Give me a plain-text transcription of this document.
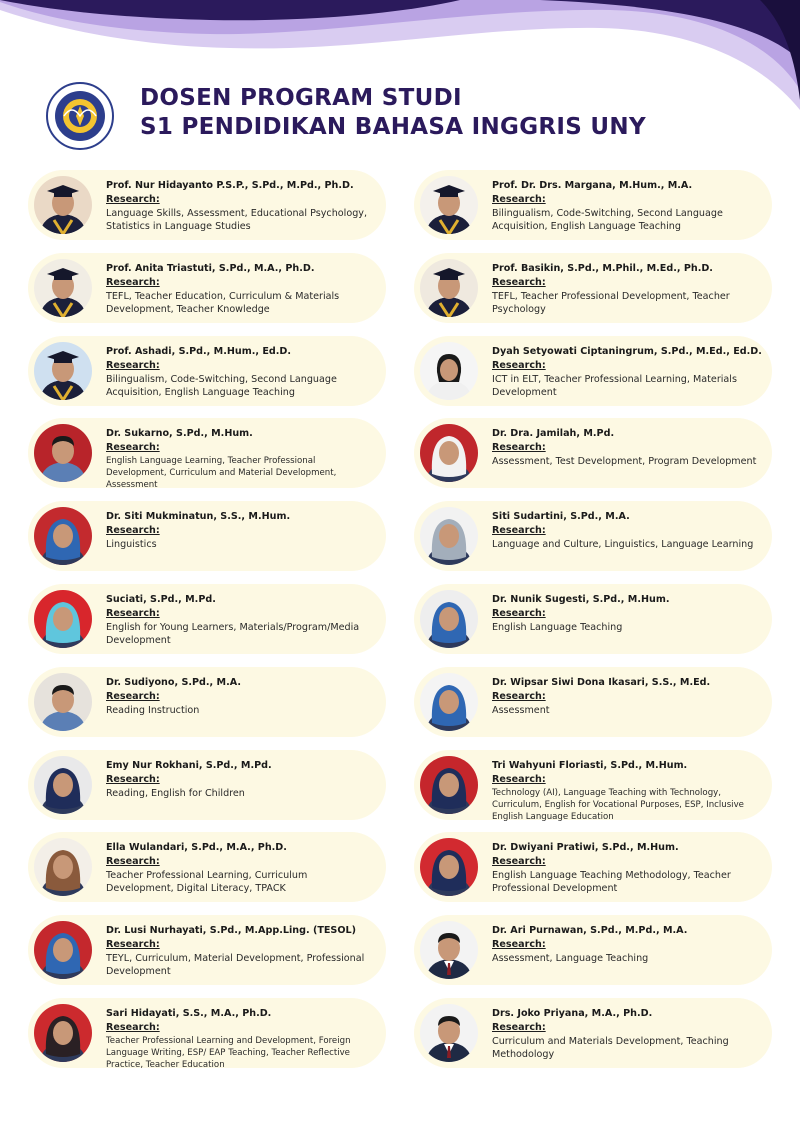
DOSEN PROGRAM STUDI
S1 PENDIDIKAN BAHASA INGGRIS UNY
Prof. Nur Hidayanto P.S.P., S.Pd., M.Pd., Ph.D.
Research:
Language Skills, Assessment, Educational Psychology, Statistics in Language Studies
Prof. Anita Triastuti, S.Pd., M.A., Ph.D.
Research:
TEFL, Teacher Education, Curriculum & Materials Development, Teacher Knowledge
Prof. Ashadi, S.Pd., M.Hum., Ed.D.
Research:
Bilingualism, Code-Switching, Second Language Acquisition, English Language Teaching
Dr. Sukarno, S.Pd., M.Hum.
Research:
English Language Learning, Teacher Professional Development, Curriculum and Material Development, Assessment
Dr. Siti Mukminatun, S.S., M.Hum.
Research:
Linguistics
Suciati, S.Pd., M.Pd.
Research:
English for Young Learners, Materials/Program/Media Development
Dr. Sudiyono, S.Pd., M.A.
Research:
Reading Instruction
Emy Nur Rokhani, S.Pd., M.Pd.
Research:
Reading, English for Children
Ella Wulandari, S.Pd., M.A., Ph.D.
Research:
Teacher Professional Learning, Curriculum Development, Digital Literacy, TPACK
Dr. Lusi Nurhayati, S.Pd., M.App.Ling. (TESOL)
Research:
TEYL, Curriculum, Material Development, Professional Development
Sari Hidayati, S.S., M.A., Ph.D.
Research:
Teacher Professional Learning and Development, Foreign Language Writing, ESP/ EAP Teaching, Teacher Reflective Practice, Teacher Education
Prof. Dr. Drs. Margana, M.Hum., M.A.
Research:
Bilingualism, Code-Switching, Second Language Acquisition, English Language Teaching
Prof. Basikin, S.Pd., M.Phil., M.Ed., Ph.D.
Research:
TEFL, Teacher Professional Development, Teacher Psychology
Dyah Setyowati Ciptaningrum, S.Pd., M.Ed., Ed.D.
Research:
ICT in ELT, Teacher Professional Learning, Materials Development
Dr. Dra. Jamilah, M.Pd.
Research:
Assessment, Test Development, Program Development
Siti Sudartini, S.Pd., M.A.
Research:
Language and Culture, Linguistics, Language Learning
Dr. Nunik Sugesti, S.Pd., M.Hum.
Research:
English Language Teaching
Dr. Wipsar Siwi Dona Ikasari, S.S., M.Ed.
Research:
Assessment
Tri Wahyuni Floriasti, S.Pd., M.Hum.
Research:
Technology (AI), Language Teaching with Technology, Curriculum, English for Vocational Purposes, ESP, Inclusive English Language Education
Dr. Dwiyani Pratiwi, S.Pd., M.Hum.
Research:
English Language Teaching Methodology, Teacher Professional Development
Dr. Ari Purnawan, S.Pd., M.Pd., M.A.
Research:
Assessment, Language Teaching
Drs. Joko Priyana, M.A., Ph.D.
Research:
Curriculum and Materials Development, Teaching Methodology
